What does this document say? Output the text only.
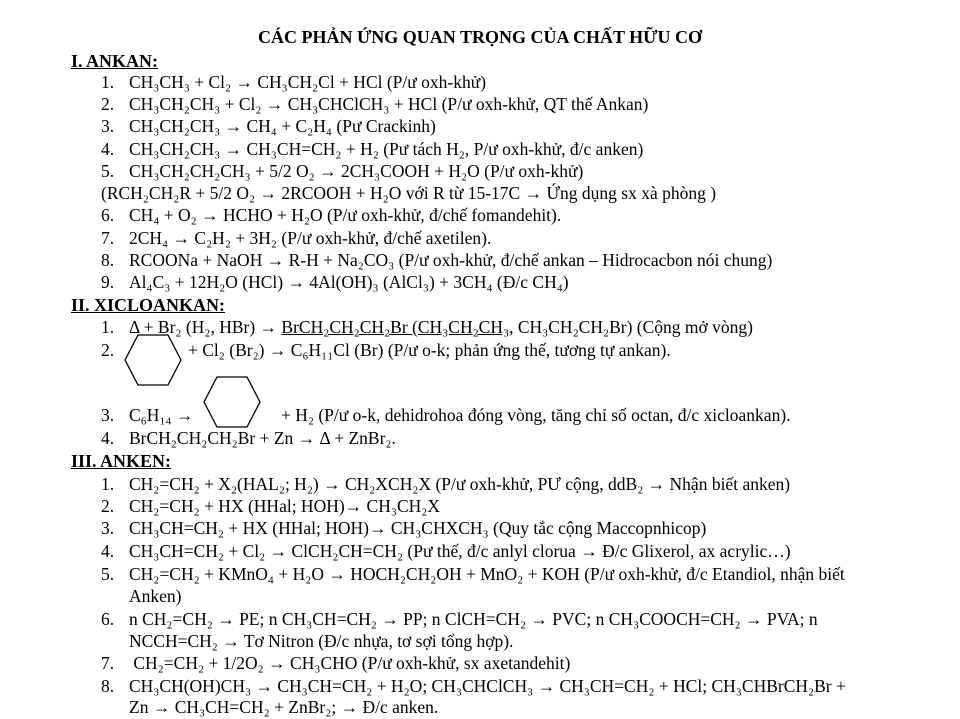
CÁC PHẢN ỨNG QUAN TRỌNG CỦA CHẤT HỮU CƠ
I. ANKAN:
1. CH₃CH₃ + Cl₂ → CH₃CH₂Cl + HCl (P/ư oxh-khử)
2. CH₃CH₂CH₃ + Cl₂ → CH₃CHClCH₃ + HCl (P/ư oxh-khử, QT thế Ankan)
3. CH₃CH₂CH₃ → CH₄ + C₂H₄ (Pư Crackinh)
4. CH₃CH₂CH₃ → CH₃CH=CH₂ + H₂ (Pư tách H₂, P/ư oxh-khử, đ/c anken)
5. CH₃CH₂CH₂CH₃ + 5/2 O₂ → 2CH₃COOH + H₂O (P/ư oxh-khử)
(RCH₂CH₂R + 5/2 O₂ → 2RCOOH + H₂O với R từ 15-17C → Ứng dụng sx xà phòng )
6. CH₄ + O₂ → HCHO + H₂O (P/ư oxh-khử, đ/chế fomandehit).
7. 2CH₄ → C₂H₂ + 3H₂ (P/ư oxh-khử, đ/chế axetilen).
8. RCOONa + NaOH → R-H + Na₂CO₃ (P/ư oxh-khử, đ/chế ankan – Hidrocacbon nói chung)
9. Al₄C₃ + 12H₂O (HCl) → 4Al(OH)₃ (AlCl₃) + 3CH₄ (Đ/c CH₄)
II. XICLOANKAN:
1. Δ + Br₂ (H₂, HBr) → BrCH₂CH₂CH₂Br (CH₃CH₂CH₃, CH₃CH₂CH₂Br) (Cộng mở vòng)
2.	+ Cl₂ (Br₂) → C₆H₁₁Cl (Br) (P/ư o-k; phản ứng thế, tương tự ankan).
3. C₆H₁₄ →	+ H₂ (P/ư o-k, dehidrohoa đóng vòng, tăng chỉ số octan, đ/c xicloankan).
4. BrCH₂CH₂CH₂Br + Zn → Δ + ZnBr₂.
III. ANKEN:
1. CH₂=CH₂ + X₂(HAL₂; H₂) → CH₂XCH₂X (P/ư oxh-khử, PƯ cộng, ddB₂ → Nhận biết anken)
2. CH₂=CH₂ + HX (HHal; HOH)→ CH₃CH₂X
3. CH₃CH=CH₂ + HX (HHal; HOH)→ CH₃CHXCH₃ (Quy tắc cộng Maccopnhicop)
4. CH₃CH=CH₂ + Cl₂ → ClCH₂CH=CH₂ (Pư thế, đ/c anlyl clorua → Đ/c Glixerol, ax acrylic…)
5. CH₂=CH₂ + KMnO₄ + H₂O → HOCH₂CH₂OH + MnO₂ + KOH (P/ư oxh-khử, đ/c Etandiol, nhận biết
Anken)
6. n CH₂=CH₂ → PE; n CH₃CH=CH₂ → PP; n ClCH=CH₂ → PVC; n CH₃COOCH=CH₂ → PVA; n
NCCH=CH₂ → Tơ Nitron (Đ/c nhựa, tơ sợi tổng hợp).
7. CH₂=CH₂ + 1/2O₂ → CH₃CHO (P/ư oxh-khử, sx axetandehit)
8. CH₃CH(OH)CH₃ → CH₃CH=CH₂ + H₂O; CH₃CHClCH₃ → CH₃CH=CH₂ + HCl; CH₃CHBrCH₂Br +
Zn → CH₃CH=CH₂ + ZnBr₂; → Đ/c anken.
